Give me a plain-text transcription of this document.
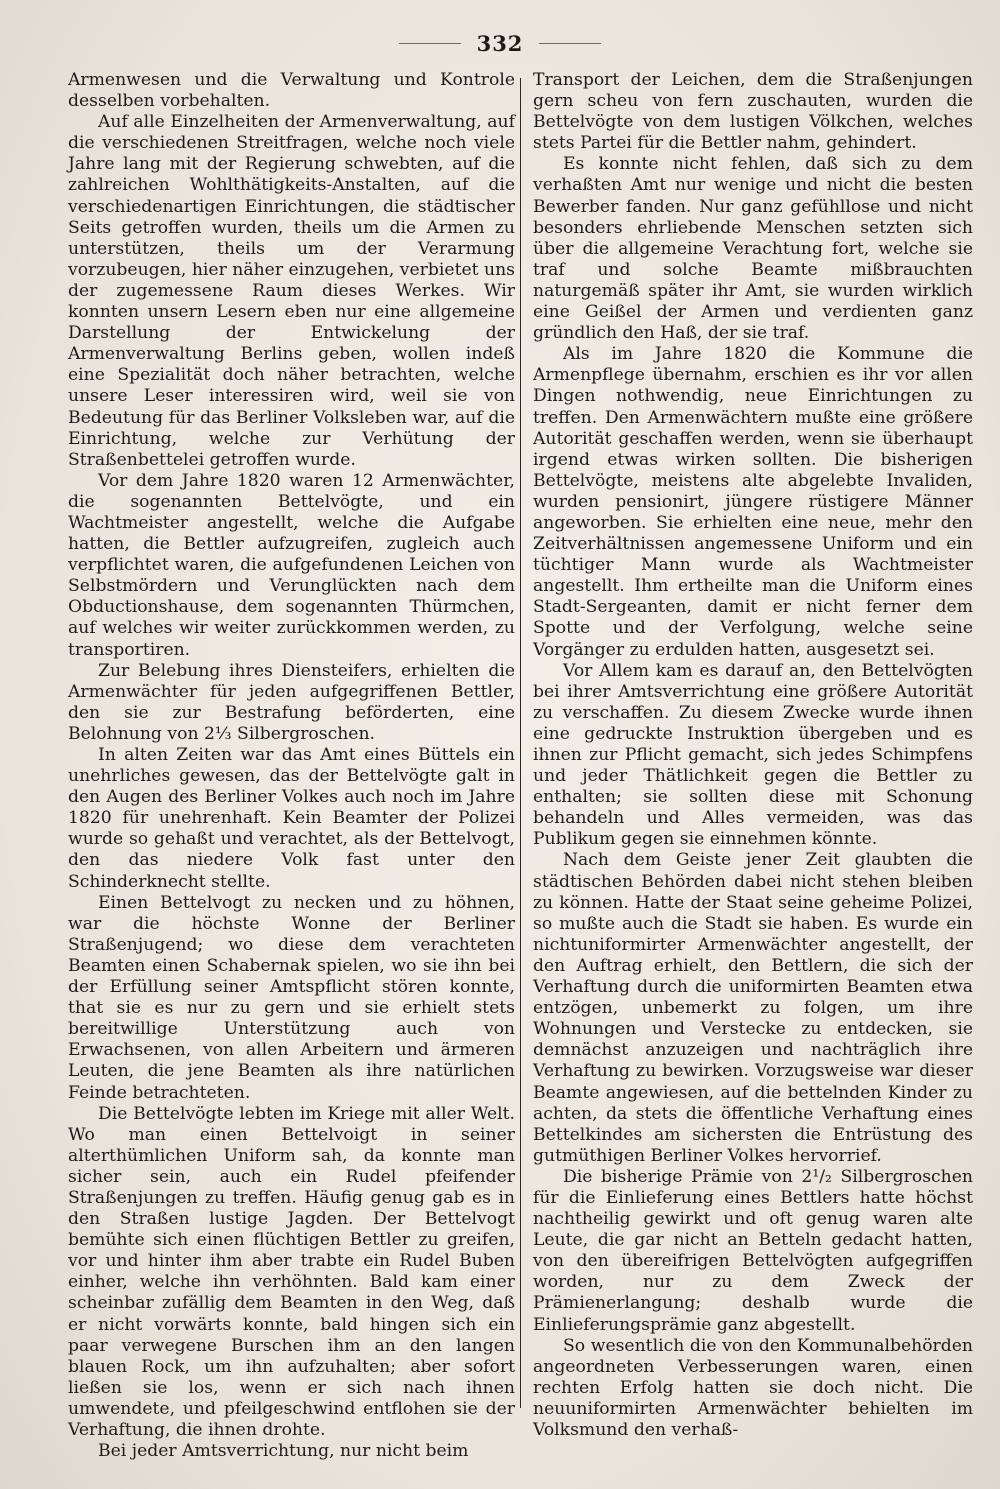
332

Armenwesen und die Verwaltung und Kontrole desselben vorbehalten.

Auf alle Einzelheiten der Armenverwaltung, auf die verschiedenen Streitfragen, welche noch viele Jahre lang mit der Regierung schwebten, auf die zahlreichen Wohlthätigkeits-Anstalten, auf die verschiedenartigen Einrichtungen, die städtischer Seits getroffen wurden, theils um die Armen zu unterstützen, theils um der Verarmung vorzubeugen, hier näher einzugehen, verbietet uns der zugemessene Raum dieses Werkes. Wir konnten unsern Lesern eben nur eine allgemeine Darstellung der Entwickelung der Armenverwaltung Berlins geben, wollen indeß eine Spezialität doch näher betrachten, welche unsere Leser interessiren wird, weil sie von Bedeutung für das Berliner Volksleben war, auf die Einrichtung, welche zur Verhütung der Straßenbettelei getroffen wurde.

Vor dem Jahre 1820 waren 12 Armenwächter, die sogenannten Bettelvögte, und ein Wachtmeister angestellt, welche die Aufgabe hatten, die Bettler aufzugreifen, zugleich auch verpflichtet waren, die aufgefundenen Leichen von Selbstmördern und Verunglückten nach dem Obductionshause, dem sogenannten Thürmchen, auf welches wir weiter zurückkommen werden, zu transportiren.

Zur Belebung ihres Diensteifers, erhielten die Armenwächter für jeden aufgegriffenen Bettler, den sie zur Bestrafung beförderten, eine Belohnung von 2⅓ Silbergroschen.

In alten Zeiten war das Amt eines Büttels ein unehrliches gewesen, das der Bettelvögte galt in den Augen des Berliner Volkes auch noch im Jahre 1820 für unehrenhaft. Kein Beamter der Polizei wurde so gehaßt und verachtet, als der Bettelvogt, den das niedere Volk fast unter den Schinderknecht stellte.

Einen Bettelvogt zu necken und zu höhnen, war die höchste Wonne der Berliner Straßenjugend; wo diese dem verachteten Beamten einen Schabernak spielen, wo sie ihn bei der Erfüllung seiner Amtspflicht stören konnte, that sie es nur zu gern und sie erhielt stets bereitwillige Unterstützung auch von Erwachsenen, von allen Arbeitern und ärmeren Leuten, die jene Beamten als ihre natürlichen Feinde betrachteten.

Die Bettelvögte lebten im Kriege mit aller Welt. Wo man einen Bettelvoigt in seiner alterthümlichen Uniform sah, da konnte man sicher sein, auch ein Rudel pfeifender Straßenjungen zu treffen. Häufig genug gab es in den Straßen lustige Jagden. Der Bettelvogt bemühte sich einen flüchtigen Bettler zu greifen, vor und hinter ihm aber trabte ein Rudel Buben einher, welche ihn verhöhnten. Bald kam einer scheinbar zufällig dem Beamten in den Weg, daß er nicht vorwärts konnte, bald hingen sich ein paar verwegene Burschen ihm an den langen blauen Rock, um ihn aufzuhalten; aber sofort ließen sie los, wenn er sich nach ihnen umwendete, und pfeilgeschwind entflohen sie der Verhaftung, die ihnen drohte.

Bei jeder Amtsverrichtung, nur nicht beim

Transport der Leichen, dem die Straßenjungen gern scheu von fern zuschauten, wurden die Bettelvögte von dem lustigen Völkchen, welches stets Partei für die Bettler nahm, gehindert.

Es konnte nicht fehlen, daß sich zu dem verhaßten Amt nur wenige und nicht die besten Bewerber fanden. Nur ganz gefühllose und nicht besonders ehrliebende Menschen setzten sich über die allgemeine Verachtung fort, welche sie traf und solche Beamte mißbrauchten naturgemäß später ihr Amt, sie wurden wirklich eine Geißel der Armen und verdienten ganz gründlich den Haß, der sie traf.

Als im Jahre 1820 die Kommune die Armenpflege übernahm, erschien es ihr vor allen Dingen nothwendig, neue Einrichtungen zu treffen. Den Armenwächtern mußte eine größere Autorität geschaffen werden, wenn sie überhaupt irgend etwas wirken sollten. Die bisherigen Bettelvögte, meistens alte abgelebte Invaliden, wurden pensionirt, jüngere rüstigere Männer angeworben. Sie erhielten eine neue, mehr den Zeitverhältnissen angemessene Uniform und ein tüchtiger Mann wurde als Wachtmeister angestellt. Ihm ertheilte man die Uniform eines Stadt-Sergeanten, damit er nicht ferner dem Spotte und der Verfolgung, welche seine Vorgänger zu erdulden hatten, ausgesetzt sei.

Vor Allem kam es darauf an, den Bettelvögten bei ihrer Amtsverrichtung eine größere Autorität zu verschaffen. Zu diesem Zwecke wurde ihnen eine gedruckte Instruktion übergeben und es ihnen zur Pflicht gemacht, sich jedes Schimpfens und jeder Thätlichkeit gegen die Bettler zu enthalten; sie sollten diese mit Schonung behandeln und Alles vermeiden, was das Publikum gegen sie einnehmen könnte.

Nach dem Geiste jener Zeit glaubten die städtischen Behörden dabei nicht stehen bleiben zu können. Hatte der Staat seine geheime Polizei, so mußte auch die Stadt sie haben. Es wurde ein nichtuniformirter Armenwächter angestellt, der den Auftrag erhielt, den Bettlern, die sich der Verhaftung durch die uniformirten Beamten etwa entzögen, unbemerkt zu folgen, um ihre Wohnungen und Verstecke zu entdecken, sie demnächst anzuzeigen und nachträglich ihre Verhaftung zu bewirken. Vorzugsweise war dieser Beamte angewiesen, auf die bettelnden Kinder zu achten, da stets die öffentliche Verhaftung eines Bettelkindes am sichersten die Entrüstung des gutmüthigen Berliner Volkes hervorrief.

Die bisherige Prämie von 2¹/₂ Silbergroschen für die Einlieferung eines Bettlers hatte höchst nachtheilig gewirkt und oft genug waren alte Leute, die gar nicht an Betteln gedacht hatten, von den übereifrigen Bettelvögten aufgegriffen worden, nur zu dem Zweck der Prämienerlangung; deshalb wurde die Einlieferungsprämie ganz abgestellt.

So wesentlich die von den Kommunalbehörden angeordneten Verbesserungen waren, einen rechten Erfolg hatten sie doch nicht. Die neuuniformirten Armenwächter behielten im Volksmund den verhaß-
